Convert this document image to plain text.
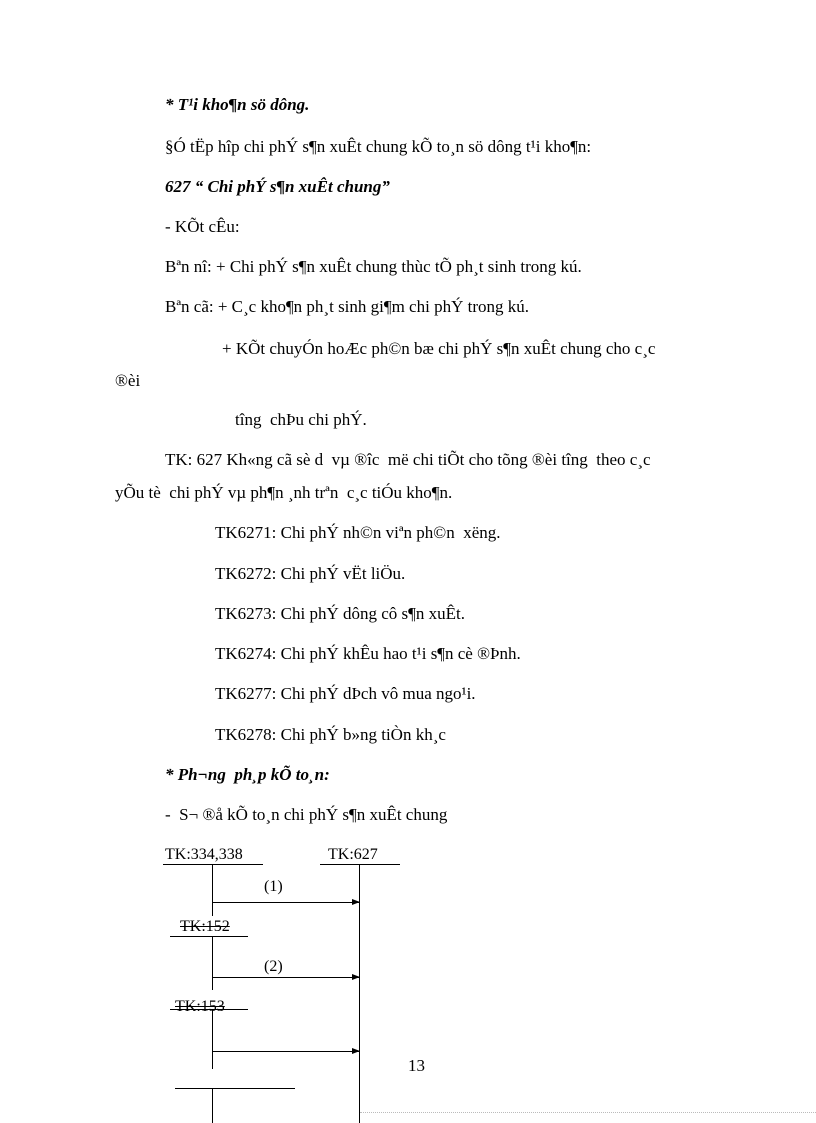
* T¹i kho¶n sö dông.
§Ó tËp hîp chi phÝ s¶n xuÊt chung kÕ to¸n sö dông t¹i kho¶n:
627 “ Chi phÝ s¶n xuÊt chung”
- KÕt cÊu:
Bªn nî: + Chi phÝ s¶n xuÊt chung thùc tÕ ph¸t sinh trong kú.
Bªn cã: + C¸c kho¶n ph¸t sinh gi¶m chi phÝ trong kú.
+ KÕt chuyÓn hoÆc ph©n bæ chi phÝ s¶n xuÊt chung cho c¸c
®èi
tîng  chÞu chi phÝ.
TK: 627 Kh«ng cã sè d  vµ ®îc  më chi tiÕt cho tõng ®èi tîng  theo c¸c
yÕu tè  chi phÝ vµ ph¶n ¸nh trªn  c¸c tiÓu kho¶n.
TK6271: Chi phÝ nh©n viªn ph©n  xëng.
TK6272: Chi phÝ vËt liÖu.
TK6273: Chi phÝ dông cô s¶n xuÊt.
TK6274: Chi phÝ khÊu hao t¹i s¶n cè ®Þnh.
TK6277: Chi phÝ dÞch vô mua ngo¹i.
TK6278: Chi phÝ b»ng tiÒn kh¸c
* Ph¬ng  ph¸p kÕ to¸n:
-  S¬ ®å kÕ to¸n chi phÝ s¶n xuÊt chung
TK:334,338	TK:627
(1)
TK:152
(2)
TK:153
13
